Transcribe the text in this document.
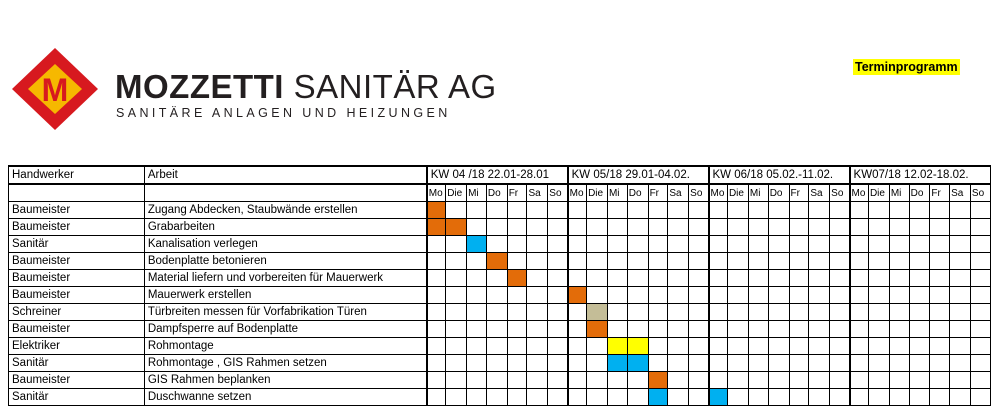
M MOZZETTI SANITÄR AG
SANITÄRE ANLAGEN UND HEIZUNGEN
Terminprogramm
Handwerker	Arbeit	KW 04 /18 22.01-28.01							KW 05/18 29.01-04.02.							KW 06/18 05.02.-11.02.							KW07/18 12.02-18.02.						
		Mo	Die	Mi	Do	Fr	Sa	So	Mo	Die	Mi	Do	Fr	Sa	So	Mo	Die	Mi	Do	Fr	Sa	So	Mo	Die	Mi	Do	Fr	Sa	So
Baumeister	Zugang Abdecken, Staubwände erstellen																												
Baumeister	Grabarbeiten																												
Sanitär	Kanalisation verlegen																												
Baumeister	Bodenplatte betonieren																												
Baumeister	Material liefern und vorbereiten für Mauerwerk																												
Baumeister	Mauerwerk erstellen																												
Schreiner	Türbreiten messen für Vorfabrikation Türen																												
Baumeister	Dampfsperre auf Bodenplatte																												
Elektriker	Rohmontage																												
Sanitär	Rohmontage , GIS Rahmen setzen																												
Baumeister	GIS Rahmen beplanken																												
Sanitär	Duschwanne setzen																												
